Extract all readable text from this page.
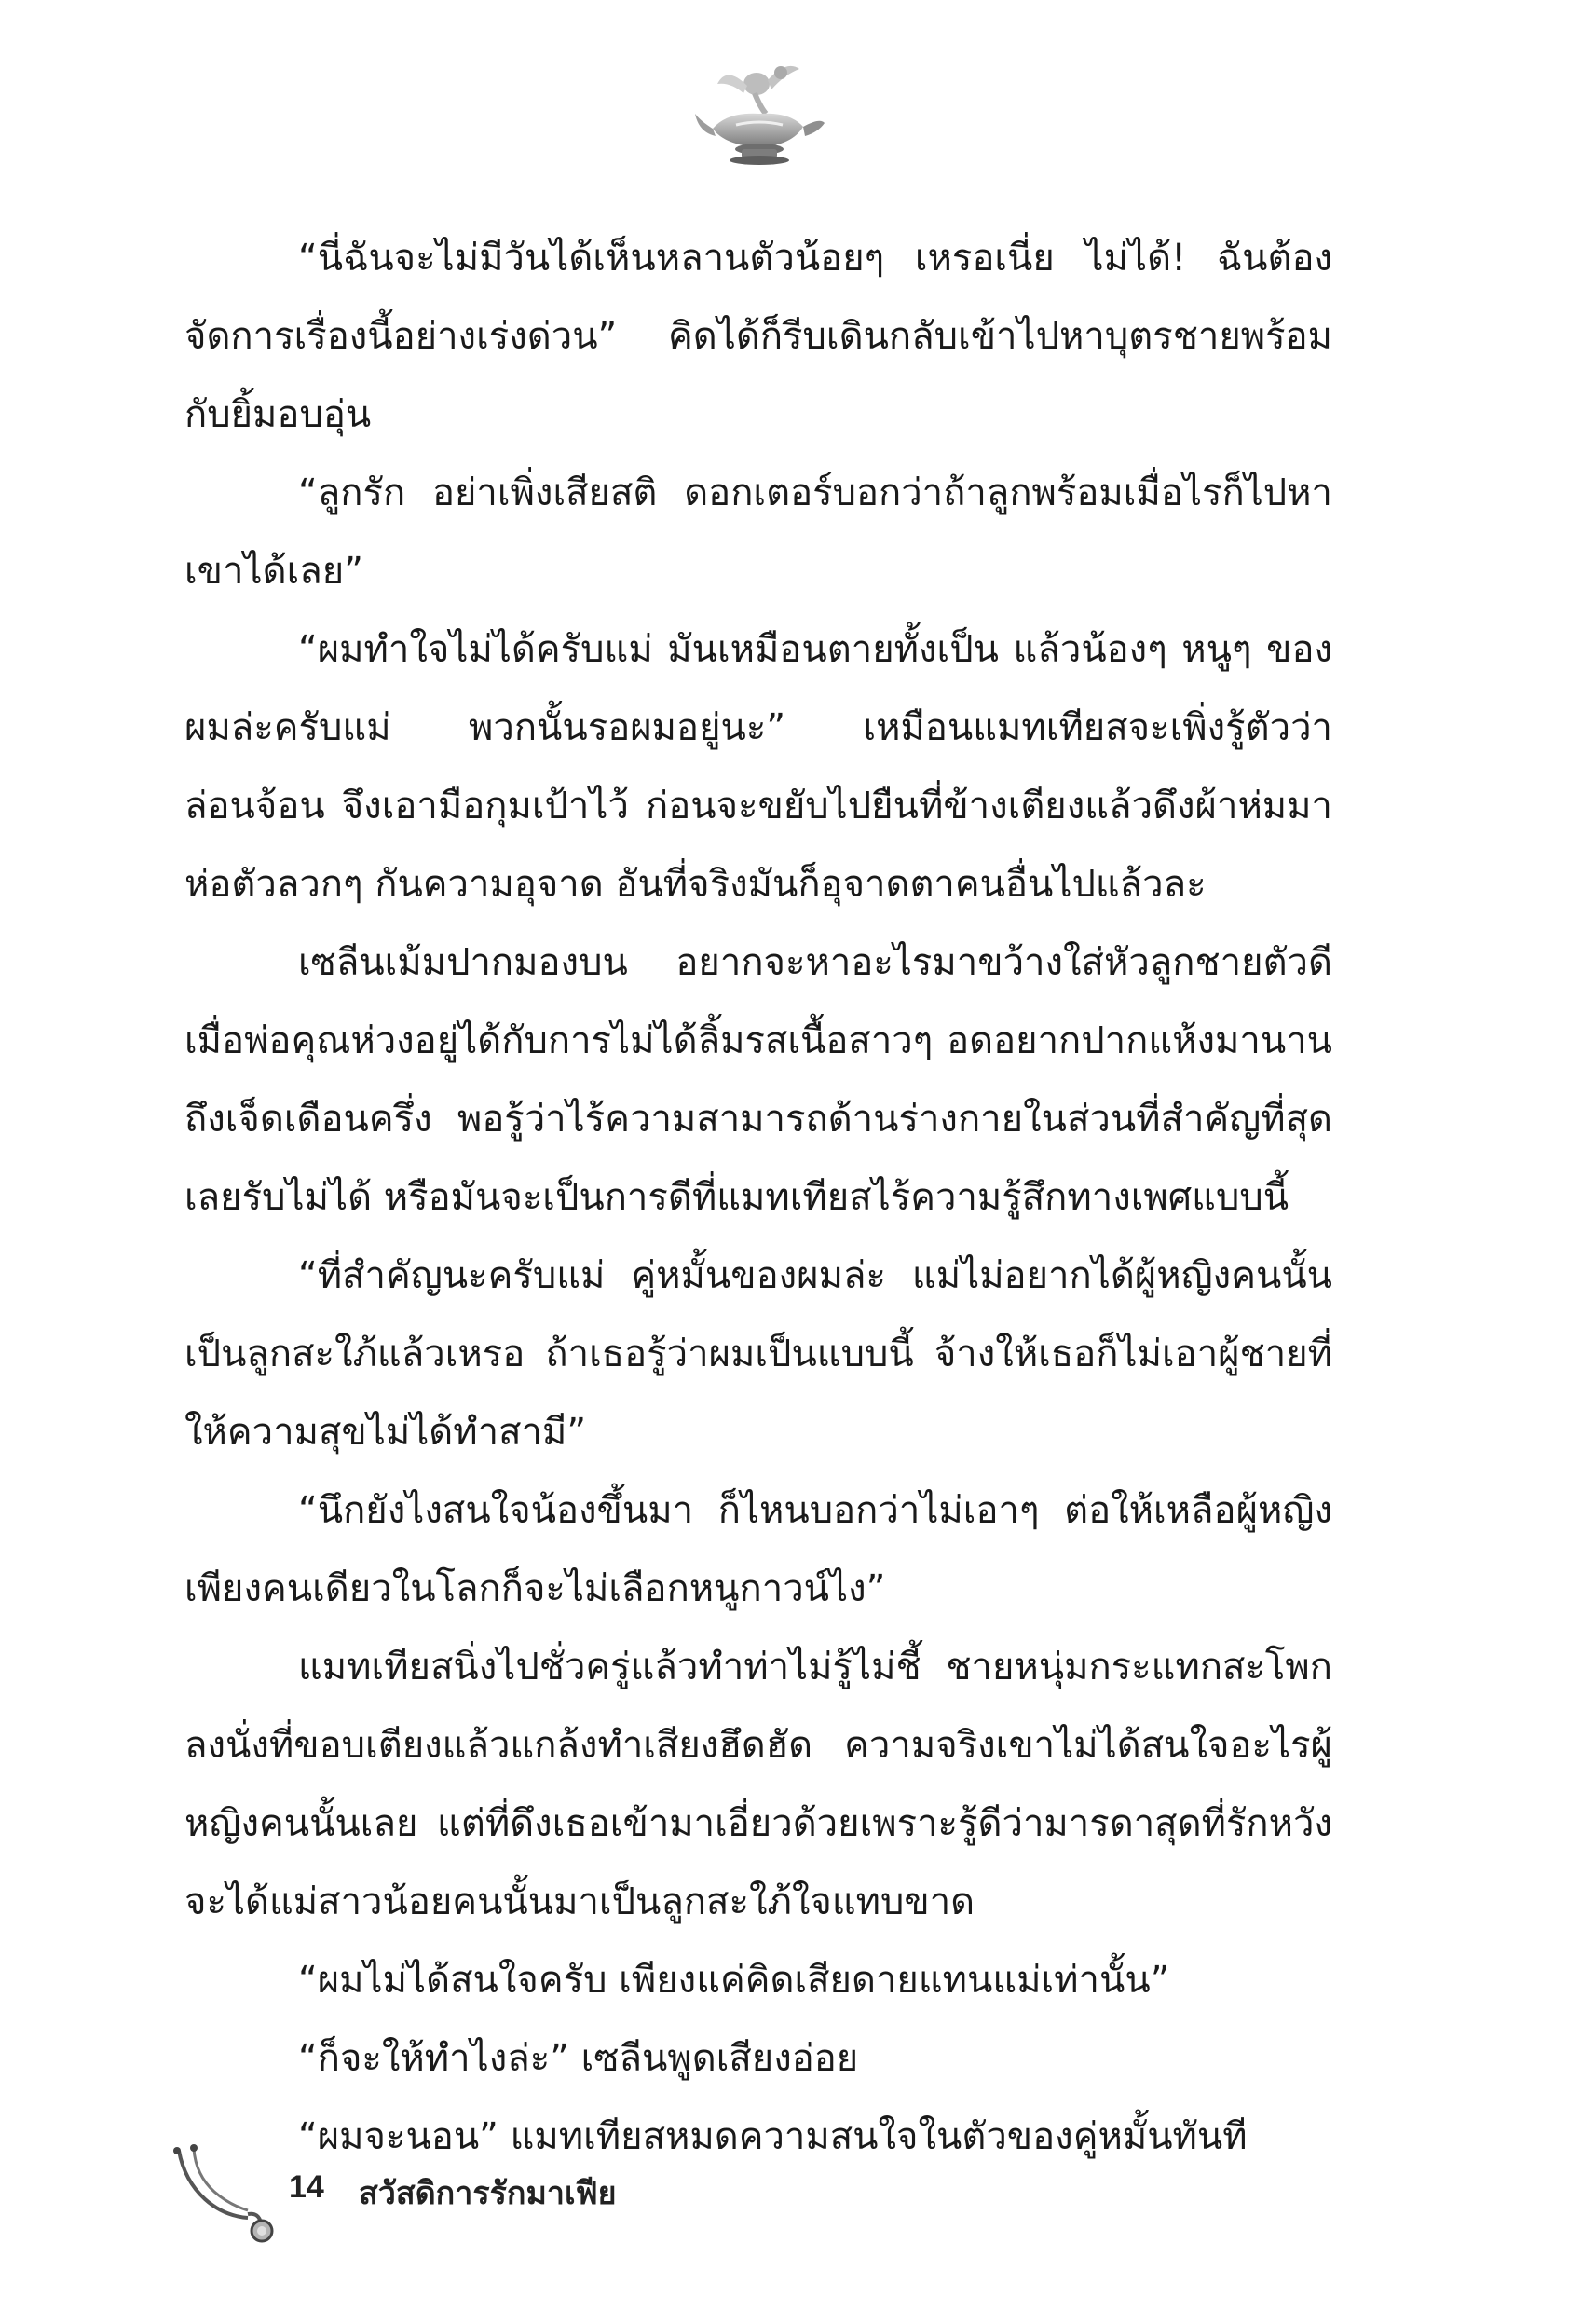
“นี่ฉันจะไม่มีวันได้เห็นหลานตัวน้อยๆ เหรอเนี่ย ไม่ได้! ฉันต้องจัดการเรื่องนี้อย่างเร่งด่วน” คิดได้ก็รีบเดินกลับเข้าไปหาบุตรชายพร้อมกับยิ้มอบอุ่น

“ลูกรัก อย่าเพิ่งเสียสติ ดอกเตอร์บอกว่าถ้าลูกพร้อมเมื่อไรก็ไปหาเขาได้เลย”

“ผมทำใจไม่ได้ครับแม่ มันเหมือนตายทั้งเป็น แล้วน้องๆ หนูๆ ของผมล่ะครับแม่ พวกนั้นรอผมอยู่นะ” เหมือนแมทเทียสจะเพิ่งรู้ตัวว่าล่อนจ้อน จึงเอามือกุมเป้าไว้ ก่อนจะขยับไปยืนที่ข้างเตียงแล้วดึงผ้าห่มมาห่อตัวลวกๆ กันความอุจาด อันที่จริงมันก็อุจาดตาคนอื่นไปแล้วละ

เซลีนเม้มปากมองบน อยากจะหาอะไรมาขว้างใส่หัวลูกชายตัวดีเมื่อพ่อคุณห่วงอยู่ได้กับการไม่ได้ลิ้มรสเนื้อสาวๆ อดอยากปากแห้งมานานถึงเจ็ดเดือนครึ่ง พอรู้ว่าไร้ความสามารถด้านร่างกายในส่วนที่สำคัญที่สุดเลยรับไม่ได้ หรือมันจะเป็นการดีที่แมทเทียสไร้ความรู้สึกทางเพศแบบนี้

“ที่สำคัญนะครับแม่ คู่หมั้นของผมล่ะ แม่ไม่อยากได้ผู้หญิงคนนั้นเป็นลูกสะใภ้แล้วเหรอ ถ้าเธอรู้ว่าผมเป็นแบบนี้ จ้างให้เธอก็ไม่เอาผู้ชายที่ให้ความสุขไม่ได้ทำสามี”

“นึกยังไงสนใจน้องขึ้นมา ก็ไหนบอกว่าไม่เอาๆ ต่อให้เหลือผู้หญิงเพียงคนเดียวในโลกก็จะไม่เลือกหนูกาวน์ไง”

แมทเทียสนิ่งไปชั่วครู่แล้วทำท่าไม่รู้ไม่ชี้ ชายหนุ่มกระแทกสะโพกลงนั่งที่ขอบเตียงแล้วแกล้งทำเสียงฮึดฮัด ความจริงเขาไม่ได้สนใจอะไรผู้หญิงคนนั้นเลย แต่ที่ดึงเธอเข้ามาเอี่ยวด้วยเพราะรู้ดีว่ามารดาสุดที่รักหวังจะได้แม่สาวน้อยคนนั้นมาเป็นลูกสะใภ้ใจแทบขาด

“ผมไม่ได้สนใจครับ เพียงแค่คิดเสียดายแทนแม่เท่านั้น”

“ก็จะให้ทำไงล่ะ” เซลีนพูดเสียงอ่อย

“ผมจะนอน” แมทเทียสหมดความสนใจในตัวของคู่หมั้นทันที

14 สวัสดิการรักมาเฟีย
